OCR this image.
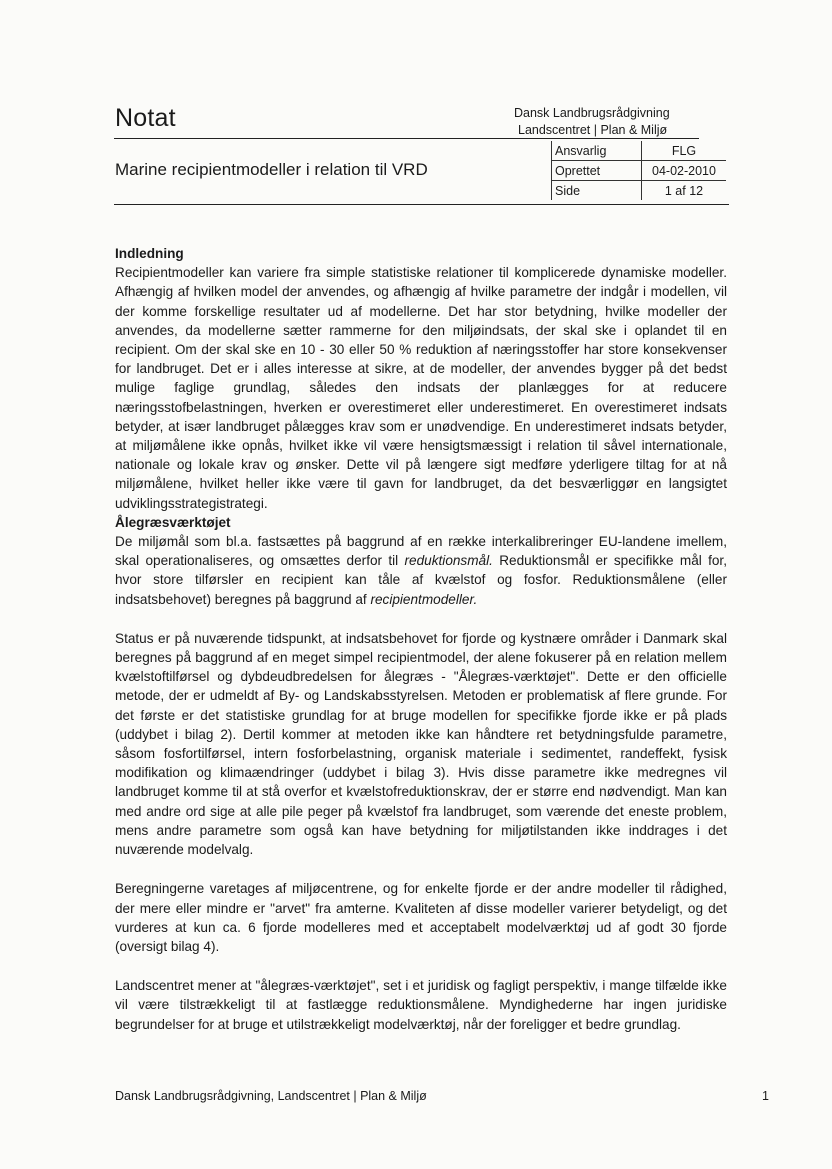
Notat	Dansk Landbrugsrådgivning
Landscentret | Plan & Miljø
Marine recipientmodeller i relation til VRD
Ansvarlig	FLG
Oprettet	04-02-2010
Side	1 af 12
Indledning

Recipientmodeller kan variere fra simple statistiske relationer til komplicerede dynamiske modeller. Afhængig af hvilken model der anvendes, og afhængig af hvilke parametre der indgår i modellen, vil der komme forskellige resultater ud af modellerne. Det har stor betydning, hvilke modeller der anvendes, da modellerne sætter rammerne for den miljøindsats, der skal ske i oplandet til en recipient. Om der skal ske en 10 - 30 eller 50 % reduktion af næringsstoffer har store konsekvenser for landbruget. Det er i alles interesse at sikre, at de modeller, der anvendes bygger på det bedst mulige faglige grundlag, således den indsats der planlægges for at reducere næringsstofbelastningen, hverken er overestimeret eller underestimeret. En overestimeret indsats betyder, at især landbruget pålægges krav som er unødvendige. En underestimeret indsats betyder, at miljømålene ikke opnås, hvilket ikke vil være hensigtsmæssigt i relation til såvel internationale, nationale og lokale krav og ønsker. Dette vil på længere sigt medføre yderligere tiltag for at nå miljømålene, hvilket heller ikke være til gavn for landbruget, da det besværliggør en langsigtet udviklingsstrategistrategi.

Ålegræsværktøjet

De miljømål som bl.a. fastsættes på baggrund af en række interkalibreringer EU-landene imellem, skal operationaliseres, og omsættes derfor til reduktionsmål. Reduktionsmål er specifikke mål for, hvor store tilførsler en recipient kan tåle af kvælstof og fosfor. Reduktionsmålene (eller indsatsbehovet) beregnes på baggrund af recipientmodeller.

Status er på nuværende tidspunkt, at indsatsbehovet for fjorde og kystnære områder i Danmark skal beregnes på baggrund af en meget simpel recipientmodel, der alene fokuserer på en relation mellem kvælstoftilførsel og dybdeudbredelsen for ålegræs - "Ålegræs-værktøjet". Dette er den officielle metode, der er udmeldt af By- og Landskabsstyrelsen. Metoden er problematisk af flere grunde. For det første er det statistiske grundlag for at bruge modellen for specifikke fjorde ikke er på plads (uddybet i bilag 2). Dertil kommer at metoden ikke kan håndtere ret betydningsfulde parametre, såsom fosfortilførsel, intern fosforbelastning, organisk materiale i sedimentet, randeffekt, fysisk modifikation og klimaændringer (uddybet i bilag 3). Hvis disse parametre ikke medregnes vil landbruget komme til at stå overfor et kvælstofreduktionskrav, der er større end nødvendigt. Man kan med andre ord sige at alle pile peger på kvælstof fra landbruget, som værende det eneste problem, mens andre parametre som også kan have betydning for miljøtilstanden ikke inddrages i det nuværende modelvalg.

Beregningerne varetages af miljøcentrene, og for enkelte fjorde er der andre modeller til rådighed, der mere eller mindre er "arvet" fra amterne. Kvaliteten af disse modeller varierer betydeligt, og det vurderes at kun ca. 6 fjorde modelleres med et acceptabelt modelværktøj ud af godt 30 fjorde (oversigt bilag 4).

Landscentret mener at "ålegræs-værktøjet", set i et juridisk og fagligt perspektiv, i mange tilfælde ikke vil være tilstrækkeligt til at fastlægge reduktionsmålene. Myndighederne har ingen juridiske begrundelser for at bruge et utilstrækkeligt modelværktøj, når der foreligger et bedre grundlag.

Dansk Landbrugsrådgivning, Landscentret | Plan & Miljø	1
